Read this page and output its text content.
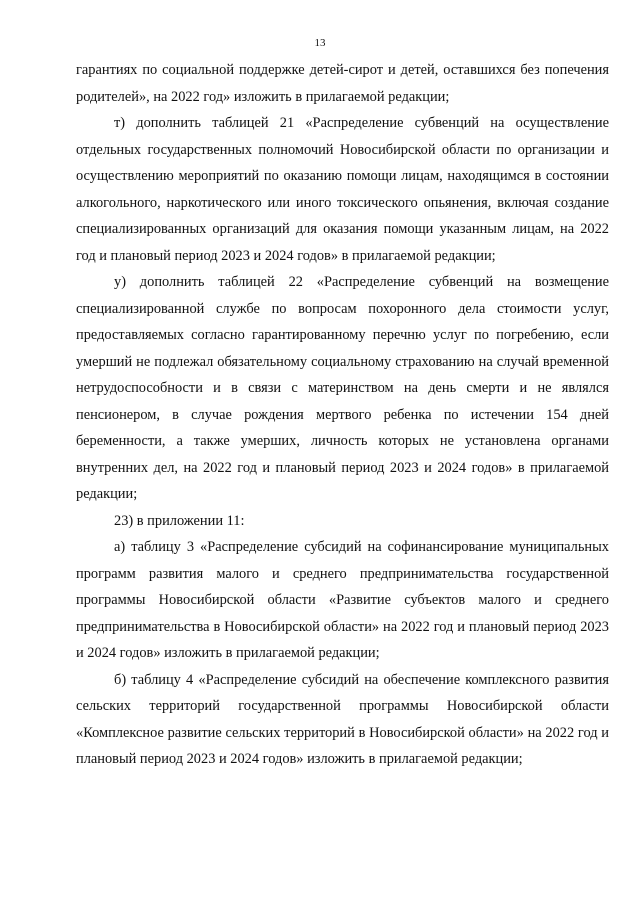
13

гарантиях по социальной поддержке детей-сирот и детей, оставшихся без попечения родителей», на 2022 год» изложить в прилагаемой редакции;

т) дополнить таблицей 21 «Распределение субвенций на осуществление отдельных государственных полномочий Новосибирской области по организации и осуществлению мероприятий по оказанию помощи лицам, находящимся в состоянии алкогольного, наркотического или иного токсического опьянения, включая создание специализированных организаций для оказания помощи указанным лицам, на 2022 год и плановый период 2023 и 2024 годов» в прилагаемой редакции;

у) дополнить таблицей 22 «Распределение субвенций на возмещение специализированной службе по вопросам похоронного дела стоимости услуг, предоставляемых согласно гарантированному перечню услуг по погребению, если умерший не подлежал обязательному социальному страхованию на случай временной нетрудоспособности и в связи с материнством на день смерти и не являлся пенсионером, в случае рождения мертвого ребенка по истечении 154 дней беременности, а также умерших, личность которых не установлена органами внутренних дел, на 2022 год и плановый период 2023 и 2024 годов» в прилагаемой редакции;

23) в приложении 11:

а) таблицу 3 «Распределение субсидий на софинансирование муниципальных программ развития малого и среднего предпринимательства государственной программы Новосибирской области «Развитие субъектов малого и среднего предпринимательства в Новосибирской области» на 2022 год и плановый период 2023 и 2024 годов» изложить в прилагаемой редакции;

б) таблицу 4 «Распределение субсидий на обеспечение комплексного развития сельских территорий государственной программы Новосибирской области «Комплексное развитие сельских территорий в Новосибирской области» на 2022 год и плановый период 2023 и 2024 годов» изложить в прилагаемой редакции;
